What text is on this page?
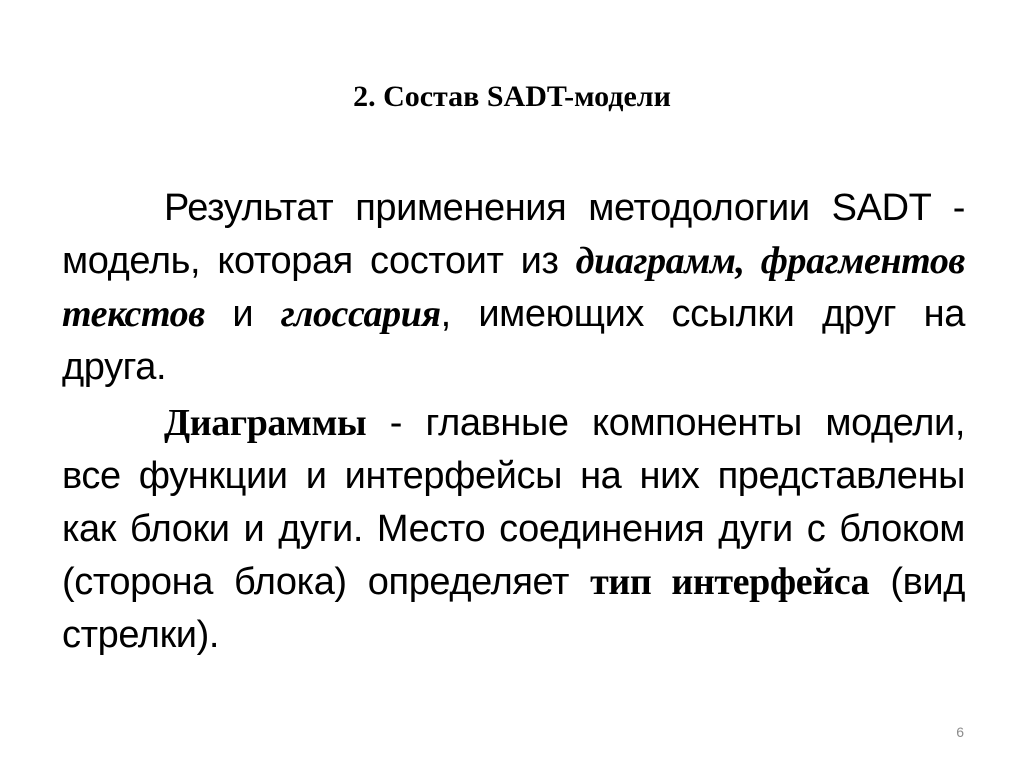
2. Состав SADT-модели

Результат применения методологии SADT - модель, которая состоит из диаграмм, фрагментов текстов и глоссария, имеющих ссылки друг на друга.

Диаграммы - главные компоненты модели, все функции и интерфейсы на них представлены как блоки и дуги. Место соединения дуги с блоком (сторона блока) определяет тип интерфейса (вид стрелки).

6
